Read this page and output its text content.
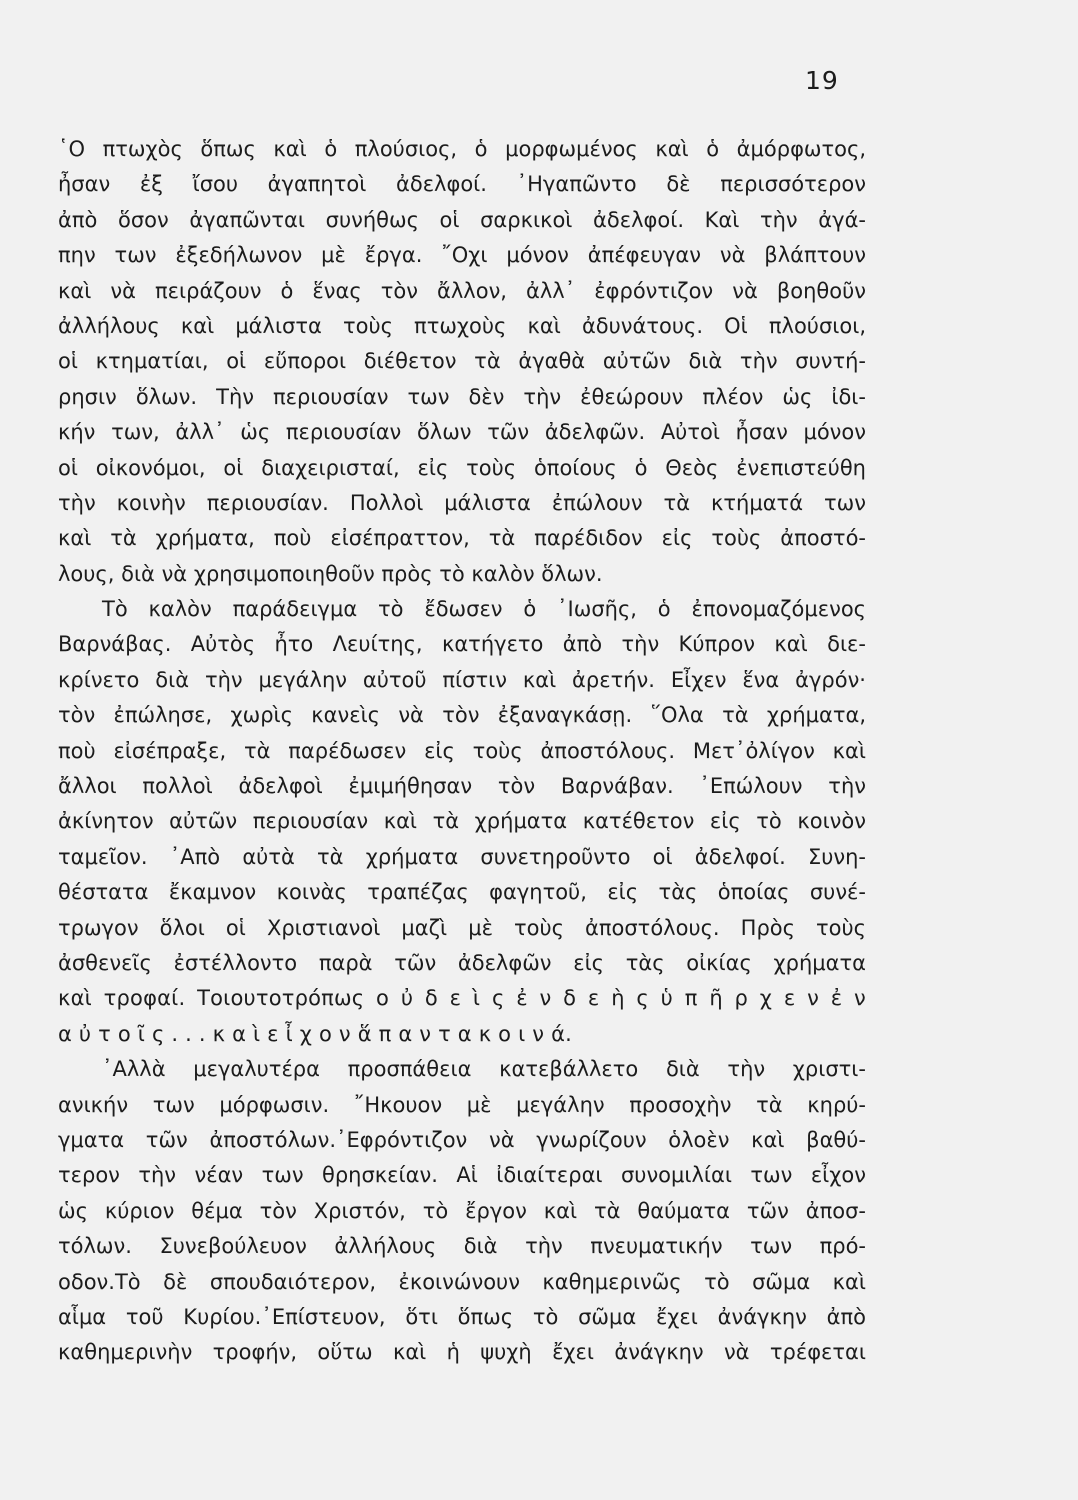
19
῾Ο πτωχὸς ὅπως καὶ ὁ πλούσιος, ὁ μορφωμένος καὶ ὁ ἀμόρφωτος,
ἦσαν ἐξ ἴσου ἀγαπητοὶ ἀδελφοί. ᾿Ηγαπῶντο δὲ περισσότερον
ἀπὸ ὅσον ἀγαπῶνται συνήθως οἱ σαρκικοὶ ἀδελφοί. Καὶ τὴν ἀγά-
πην των ἐξεδήλωνον μὲ ἔργα. ῎Οχι μόνον ἀπέφευγαν νὰ βλάπτουν
καὶ νὰ πειράζουν ὁ ἕνας τὸν ἄλλον, ἀλλ᾿ ἐφρόντιζον νὰ βοηθοῦν
ἀλλήλους καὶ μάλιστα τοὺς πτωχοὺς καὶ ἀδυνάτους. Οἱ πλούσιοι,
οἱ κτηματίαι, οἱ εὔποροι διέθετον τὰ ἀγαθὰ αὐτῶν διὰ τὴν συντή-
ρησιν ὅλων. Τὴν περιουσίαν των δὲν τὴν ἐθεώρουν πλέον ὡς ἰδι-
κήν των, ἀλλ᾿ ὡς περιουσίαν ὅλων τῶν ἀδελφῶν. Αὐτοὶ ἦσαν μόνον
οἱ οἰκονόμοι, οἱ διαχειρισταί, εἰς τοὺς ὁποίους ὁ Θεὸς ἐνεπιστεύθη
τὴν κοινὴν περιουσίαν. Πολλοὶ μάλιστα ἐπώλουν τὰ κτήματά των
καὶ τὰ χρήματα, ποὺ εἰσέπραττον, τὰ παρέδιδον εἰς τοὺς ἀποστό-
λους, διὰ νὰ χρησιμοποιηθοῦν πρὸς τὸ καλὸν ὅλων.
Τὸ καλὸν παράδειγμα τὸ ἔδωσεν ὁ ᾿Ιωσῆς, ὁ ἐπονομαζόμενος
Βαρνάβας. Αὐτὸς ἦτο Λευίτης, κατήγετο ἀπὸ τὴν Κύπρον καὶ διε-
κρίνετο διὰ τὴν μεγάλην αὐτοῦ πίστιν καὶ ἀρετήν. Εἶχεν ἕνα ἀγρόν·
τὸν ἐπώλησε, χωρὶς κανεὶς νὰ τὸν ἐξαναγκάσῃ. ῞Ολα τὰ χρήματα,
ποὺ εἰσέπραξε, τὰ παρέδωσεν εἰς τοὺς ἀποστόλους. Μετ᾿ὀλίγον καὶ
ἄλλοι πολλοὶ ἀδελφοὶ ἐμιμήθησαν τὸν Βαρνάβαν. ᾿Επώλουν τὴν
ἀκίνητον αὐτῶν περιουσίαν καὶ τὰ χρήματα κατέθετον εἰς τὸ κοινὸν
ταμεῖον. ᾿Απὸ αὐτὰ τὰ χρήματα συνετηροῦντο οἱ ἀδελφοί. Συνη-
θέστατα ἔκαμνον κοινὰς τραπέζας φαγητοῦ, εἰς τὰς ὁποίας συνέ-
τρωγον ὅλοι οἱ Χριστιανοὶ μαζὶ μὲ τοὺς ἀποστόλους. Πρὸς τοὺς
ἀσθενεῖς ἐστέλλοντο παρὰ τῶν ἀδελφῶν εἰς τὰς οἰκίας χρήματα
καὶ τροφαί. Τοιουτοτρόπως ο ὐ δ ε ὶ ς ἐ ν δ ε ὴ ς ὑ π ῆ ρ χ ε ν ἐ ν
α ὐ τ ο ῖ ς . . . κ α ὶ ε ἶ χ ο ν ἅ π α ν τ α κ ο ι ν ά.
᾿Αλλὰ μεγαλυτέρα προσπάθεια κατεβάλλετο διὰ τὴν χριστι-
ανικήν των μόρφωσιν. ῎Ηκουον μὲ μεγάλην προσοχὴν τὰ κηρύ-
γματα τῶν ἀποστόλων.᾿Εφρόντιζον νὰ γνωρίζουν ὁλοὲν καὶ βαθύ-
τερον τὴν νέαν των θρησκείαν. Αἱ ἰδιαίτεραι συνομιλίαι των εἶχον
ὡς κύριον θέμα τὸν Χριστόν, τὸ ἔργον καὶ τὰ θαύματα τῶν ἀποσ-
τόλων. Συνεβούλευον ἀλλήλους διὰ τὴν πνευματικήν των πρό-
οδον.Τὸ δὲ σπουδαιότερον, ἐκοινώνουν καθημερινῶς τὸ σῶμα καὶ
αἷμα τοῦ Κυρίου.᾿Επίστευον, ὅτι ὅπως τὸ σῶμα ἔχει ἀνάγκην ἀπὸ
καθημερινὴν τροφήν, οὕτω καὶ ἡ ψυχὴ ἔχει ἀνάγκην νὰ τρέφεται
